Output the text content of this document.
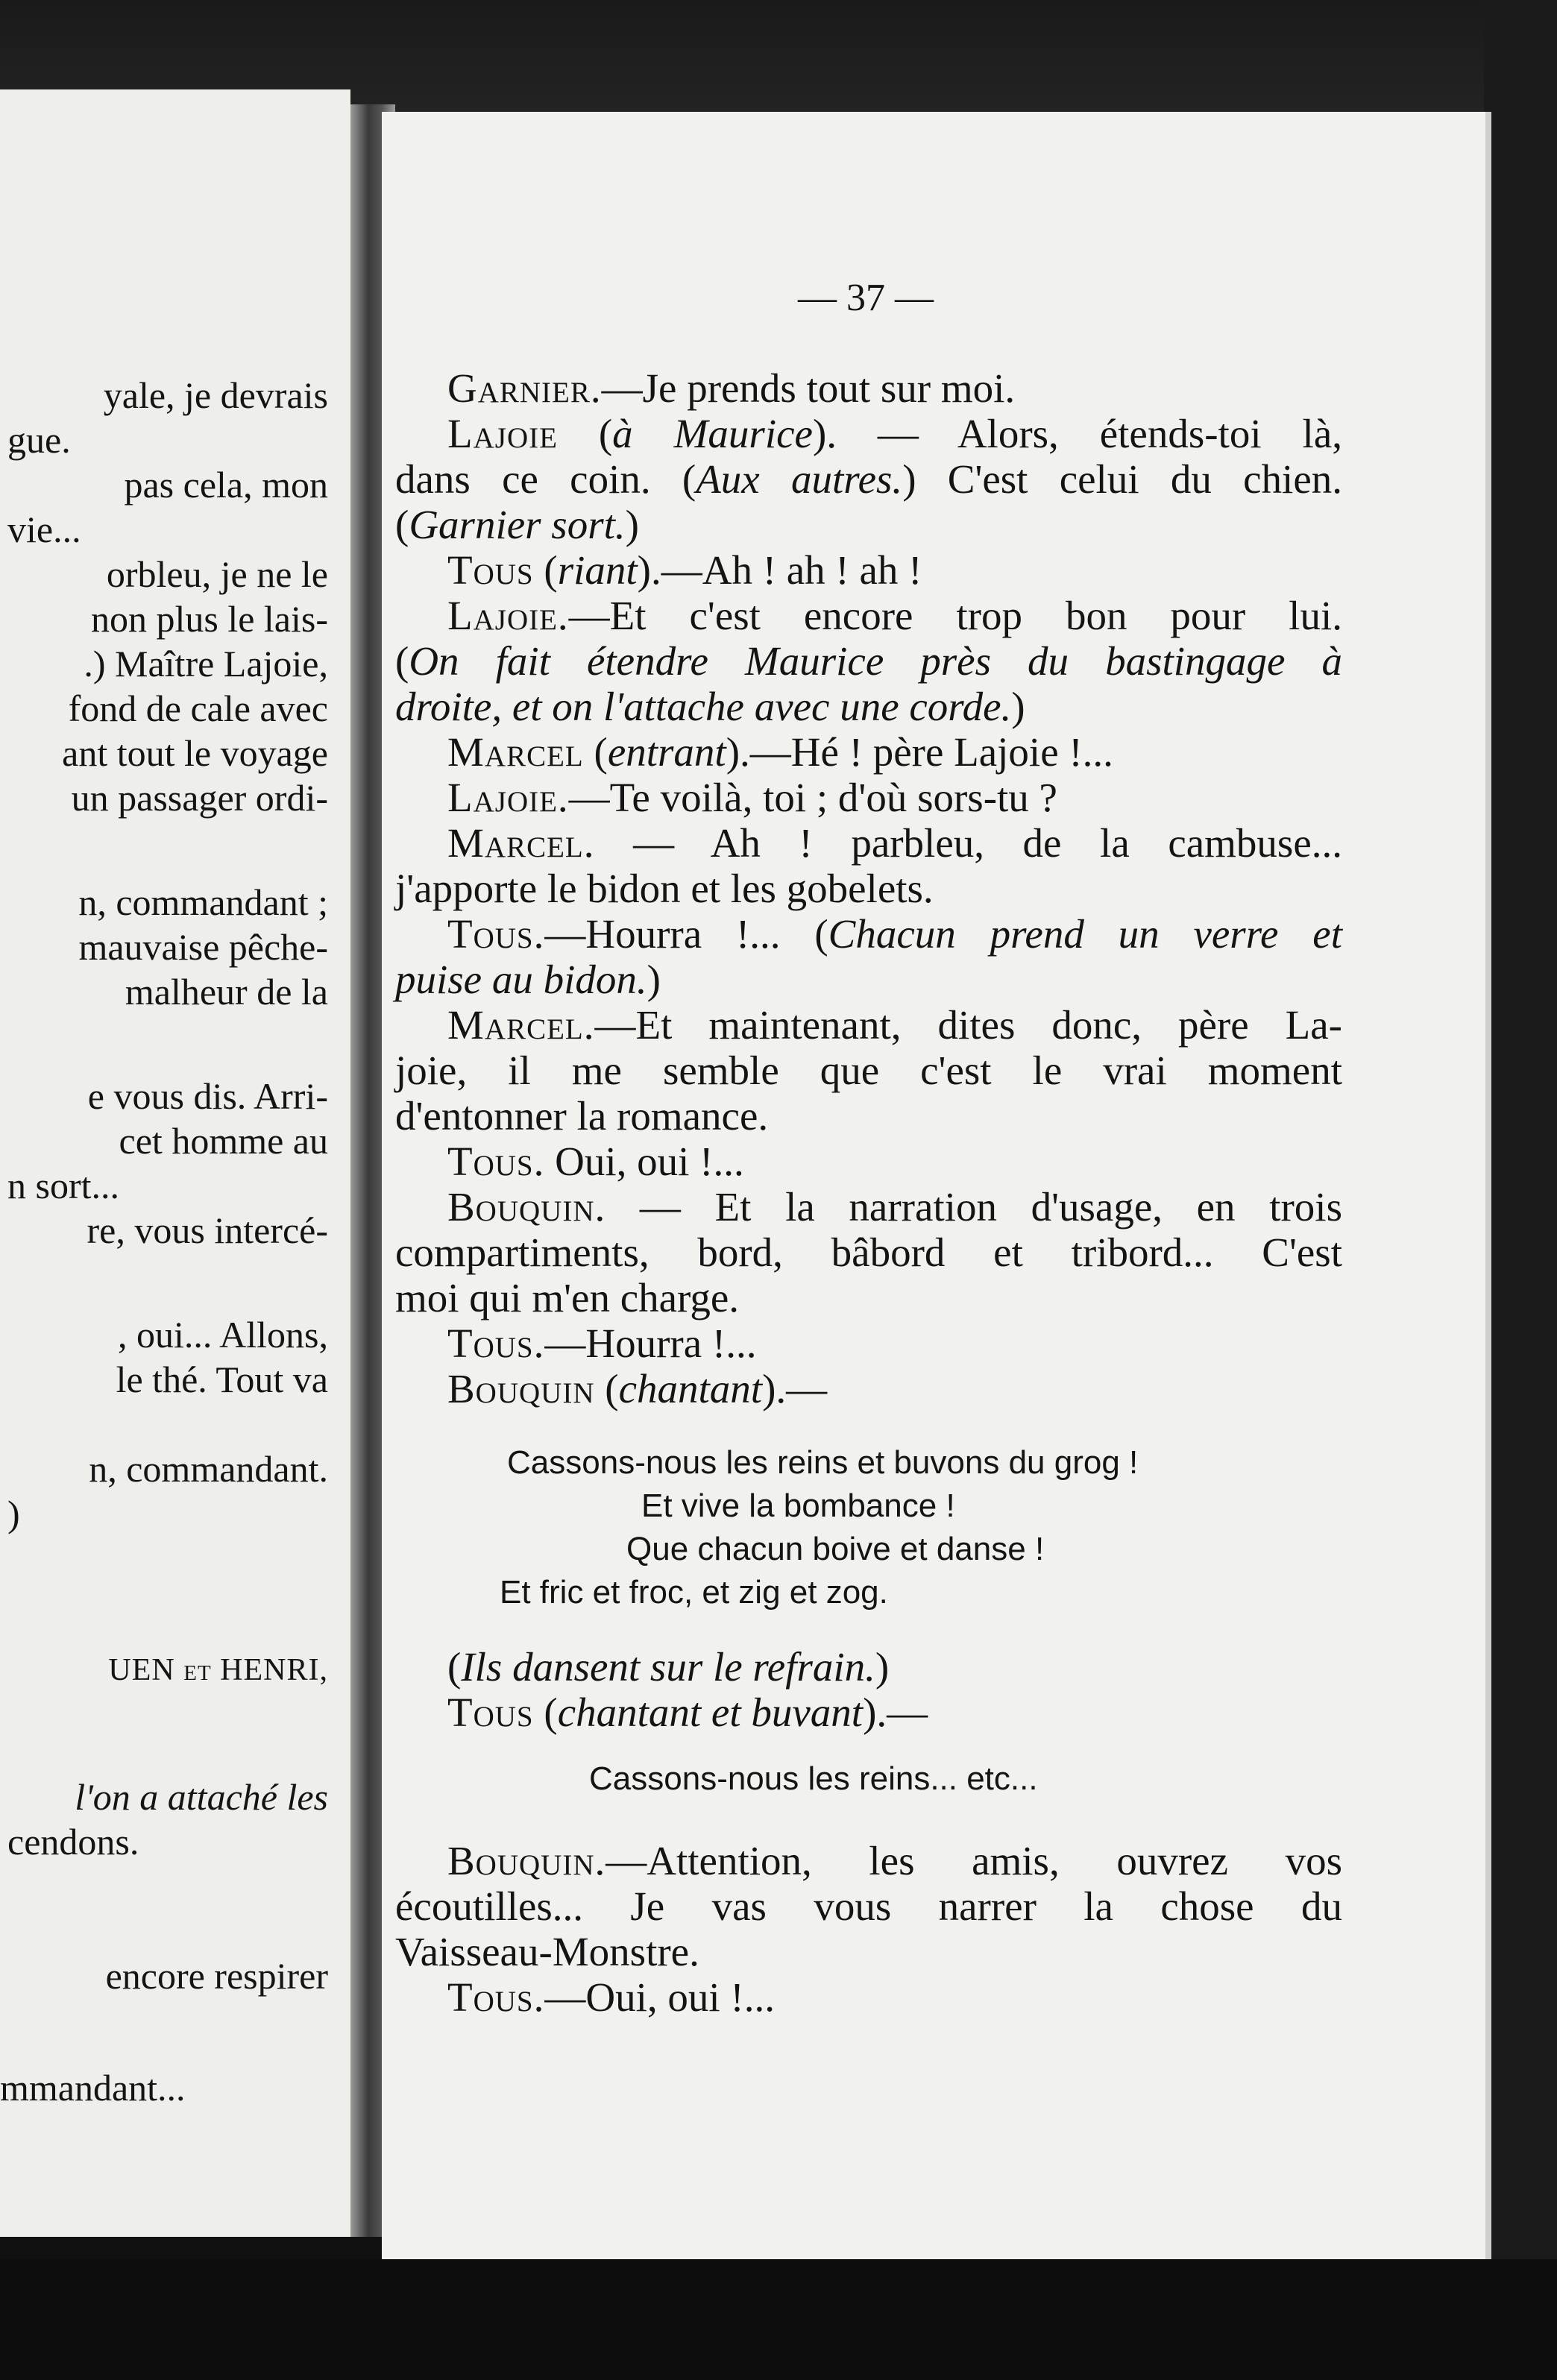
yale, je devrais
gue.
pas cela, mon
vie...
orbleu, je ne le
non plus le lais-
.) Maître Lajoie,
fond de cale avec
ant tout le voyage
un passager ordi-
n, commandant ;
mauvaise pêche-
malheur de la
e vous dis. Arri-
cet homme au
n sort...
re, vous intercé-
, oui... Allons,
le thé. Tout va
n, commandant.
)
UEN et HENRI,
l'on a attaché les
cendons.
encore respirer
mmandant...
— 37 —
Garnier.—Je prends tout sur moi.
Lajoie (à Maurice). — Alors, étends-toi là,
dans ce coin. (Aux autres.) C'est celui du chien.
(Garnier sort.)
Tous (riant).—Ah ! ah ! ah !
Lajoie.—Et c'est encore trop bon pour lui.
(On fait étendre Maurice près du bastingage à
droite, et on l'attache avec une corde.)
Marcel (entrant).—Hé ! père Lajoie !...
Lajoie.—Te voilà, toi ; d'où sors-tu ?
Marcel. — Ah ! parbleu, de la cambuse...
j'apporte le bidon et les gobelets.
Tous.—Hourra !... (Chacun prend un verre et
puise au bidon.)
Marcel.—Et maintenant, dites donc, père La-
joie, il me semble que c'est le vrai moment
d'entonner la romance.
Tous. Oui, oui !...
Bouquin. — Et la narration d'usage, en trois
compartiments, bord, bâbord et tribord... C'est
moi qui m'en charge.
Tous.—Hourra !...
Bouquin (chantant).—
Cassons-nous les reins et buvons du grog !
Et vive la bombance !
Que chacun boive et danse !
Et fric et froc, et zig et zog.
(Ils dansent sur le refrain.)
Tous (chantant et buvant).—
Cassons-nous les reins... etc...
Bouquin.—Attention, les amis, ouvrez vos
écoutilles... Je vas vous narrer la chose du
Vaisseau-Monstre.
Tous.—Oui, oui !...
